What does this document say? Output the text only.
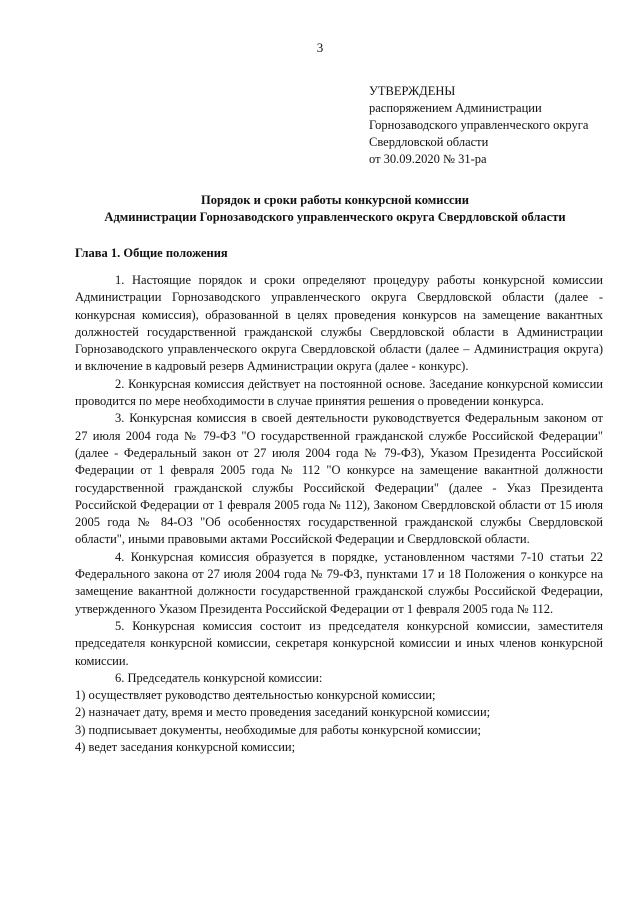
3
УТВЕРЖДЕНЫ
распоряжением Администрации
Горнозаводского управленческого округа
Свердловской области
от 30.09.2020 № 31-ра
Порядок и сроки работы конкурсной комиссии
Администрации Горнозаводского управленческого округа Свердловской области
Глава 1. Общие положения

1. Настоящие порядок и сроки определяют процедуру работы конкурсной комиссии Администрации Горнозаводского управленческого округа Свердловской области (далее - конкурсная комиссия), образованной в целях проведения конкурсов на замещение вакантных должностей государственной гражданской службы Свердловской области в Администрации Горнозаводского управленческого округа Свердловской области (далее – Администрация округа) и включение в кадровый резерв Администрации округа (далее - конкурс).

2. Конкурсная комиссия действует на постоянной основе. Заседание конкурсной комиссии проводится по мере необходимости в случае принятия решения о проведении конкурса.

3. Конкурсная комиссия в своей деятельности руководствуется Федеральным законом от 27 июля 2004 года № 79-ФЗ "О государственной гражданской службе Российской Федерации" (далее - Федеральный закон от 27 июля 2004 года № 79-ФЗ), Указом Президента Российской Федерации от 1 февраля 2005 года № 112 "О конкурсе на замещение вакантной должности государственной гражданской службы Российской Федерации" (далее - Указ Президента Российской Федерации от 1 февраля 2005 года № 112), Законом Свердловской области от 15 июля 2005 года № 84-ОЗ "Об особенностях государственной гражданской службы Свердловской области", иными правовыми актами Российской Федерации и Свердловской области.

4. Конкурсная комиссия образуется в порядке, установленном частями 7-10 статьи 22 Федерального закона от 27 июля 2004 года № 79-ФЗ, пунктами 17 и 18 Положения о конкурсе на замещение вакантной должности государственной гражданской службы Российской Федерации, утвержденного Указом Президента Российской Федерации от 1 февраля 2005 года № 112.

5. Конкурсная комиссия состоит из председателя конкурсной комиссии, заместителя председателя конкурсной комиссии, секретаря конкурсной комиссии и иных членов конкурсной комиссии.

6. Председатель конкурсной комиссии:

1) осуществляет руководство деятельностью конкурсной комиссии;

2) назначает дату, время и место проведения заседаний конкурсной комиссии;

3) подписывает документы, необходимые для работы конкурсной комиссии;

4) ведет заседания конкурсной комиссии;
